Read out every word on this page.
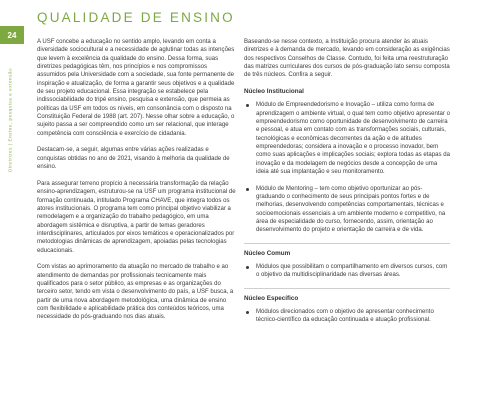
24
Diretrizes | Ensino, pesquisa e extensão
QUALIDADE DE ENSINO

A USF concebe a educação no sentido amplo, levando em conta a diversidade sociocultural e a necessidade de aglutinar todas as intenções que levem à excelência da qualidade do ensino. Dessa forma, suas diretrizes pedagógicas têm, nos princípios e nos compromissos assumidos pela Universidade com a sociedade, sua fonte permanente de inspiração e atualização, de forma a garantir seus objetivos e a qualidade de seu projeto educacional. Essa integração se estabelece pela indissociabilidade do tripé ensino, pesquisa e extensão, que permeia as políticas da USF em todos os níveis, em consonância com o disposto na Constituição Federal de 1988 (art. 207). Nesse olhar sobre a educação, o sujeito passa a ser compreendido como um ser relacional, que interage competência com consciência e exercício de cidadania.

Destacam-se, a seguir, algumas entre várias ações realizadas e conquistas obtidas no ano de 2021, visando à melhoria da qualidade de ensino.

Para assegurar terreno propício à necessária transformação da relação ensino-aprendizagem, estruturou-se na USF um programa institucional de formação continuada, intitulado Programa CHAVE, que integra todos os atores institucionais. O programa tem como principal objetivo viabilizar a remodelagem e a organização do trabalho pedagógico, em uma abordagem sistêmica e disruptiva, a partir de temas geradores interdisciplinares, articulados por eixos temáticos e operacionalizados por metodologias dinâmicas de aprendizagem, apoiadas pelas tecnologias educacionais.

Com vistas ao aprimoramento da atuação no mercado de trabalho e ao atendimento de demandas por profissionais tecnicamente mais qualificados para o setor público, as empresas e as organizações do terceiro setor, tendo em vista o desenvolvimento do país, a USF busca, a partir de uma nova abordagem metodológica, uma dinâmica de ensino com flexibilidade e aplicabilidade prática dos conteúdos teóricos, uma necessidade do pós-graduando nos dias atuais.

Baseando-se nesse contexto, a Instituição procura atender às atuais diretrizes e à demanda de mercado, levando em consideração as exigências dos respectivos Conselhos de Classe. Contudo, foi feita uma reestruturação das matrizes curriculares dos cursos de pós-graduação lato sensu composta de três núcleos. Confira a seguir.

Núcleo Institucional
Módulo de Empreendedorismo e Inovação – utiliza como forma de aprendizagem o ambiente virtual, o qual tem como objetivo apresentar o empreendedorismo como oportunidade de desenvolvimento de carreira e pessoal, e atua em contato com as transformações sociais, culturais, tecnológicas e econômicas decorrentes da ação e de atitudes empreendedoras; considera a inovação e o processo inovador, bem como suas aplicações e implicações sociais; explora todas as etapas da inovação e da modelagem de negócios desde a concepção de uma ideia até sua implantação e seu monitoramento.
Módulo de Mentoring – tem como objetivo oportunizar ao pós-graduando o conhecimento de seus principais pontos fortes e de melhorias, desenvolvendo competências comportamentais, técnicas e socioemocionais essenciais a um ambiente moderno e competitivo, na área de especialidade do curso, fornecendo, assim, orientação ao desenvolvimento do projeto e orientação de carreira e de vida.
Núcleo Comum
Módulos que possibilitam o compartilhamento em diversos cursos, com o objetivo da multidisciplinaridade nas diversas áreas.
Núcleo Específico
Módulos direcionados com o objetivo de apresentar conhecimento técnico-científico da educação continuada e atuação profissional.
